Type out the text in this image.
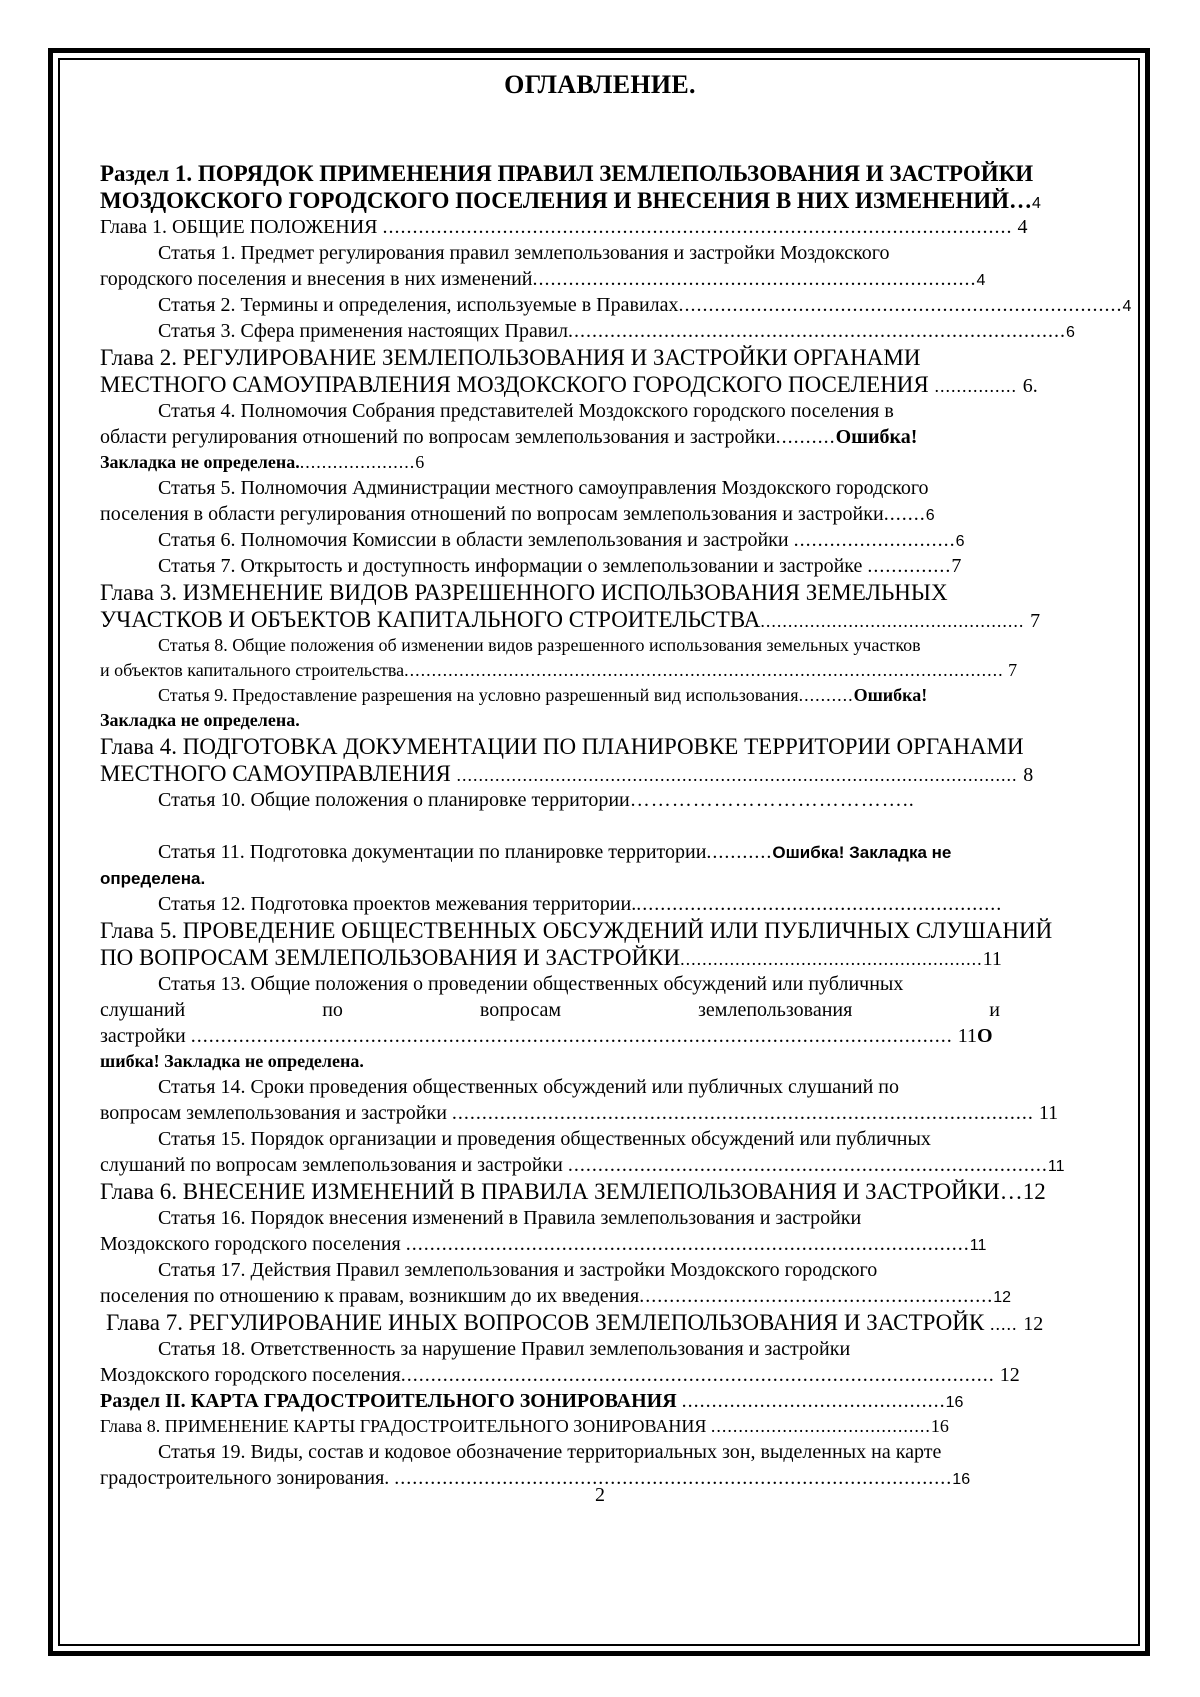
ОГЛАВЛЕНИЕ.
Раздел 1. ПОРЯДОК ПРИМЕНЕНИЯ ПРАВИЛ ЗЕМЛЕПОЛЬЗОВАНИЯ И ЗАСТРОЙКИ
МОЗДОКСКОГО ГОРОДСКОГО ПОСЕЛЕНИЯ И ВНЕСЕНИЯ В НИХ ИЗМЕНЕНИЙ…4
Глава 1. ОБЩИЕ ПОЛОЖЕНИЯ ......................................................................................................... 4
Статья 1. Предмет регулирования правил землепользования и застройки Моздокского
городского поселения и внесения в них изменений..........................................................................4
Статья 2. Термины и определения, используемые в Правилах..........................................................................4
Статья 3. Сфера применения настоящих Правил...................................................................................6
Глава 2. РЕГУЛИРОВАНИЕ ЗЕМЛЕПОЛЬЗОВАНИЯ И ЗАСТРОЙКИ ОРГАНАМИ
МЕСТНОГО САМОУПРАВЛЕНИЯ МОЗДОКСКОГО ГОРОДСКОГО ПОСЕЛЕНИЯ ............... 6.
Статья 4. Полномочия Собрания представителей Моздокского городского поселения в
области регулирования отношений по вопросам землепользования и застройки..........Ошибка!
Закладка не определена......................6
Статья 5. Полномочия Администрации местного самоуправления Моздокского городского
поселения в области регулирования отношений по вопросам землепользования и застройки.......6
Статья 6. Полномочия Комиссии в области землепользования и застройки ...........................6
Статья 7. Открытость и доступность информации о землепользовании и застройке ..............7
Глава 3. ИЗМЕНЕНИЕ ВИДОВ РАЗРЕШЕННОГО ИСПОЛЬЗОВАНИЯ ЗЕМЕЛЬНЫХ
УЧАСТКОВ И ОБЪЕКТОВ КАПИТАЛЬНОГО СТРОИТЕЛЬСТВА................................................ 7
Статья 8. Общие положения об изменении видов разрешенного использования земельных участков
и объектов капитального строительства............................................................................................................. 7
Статья 9. Предоставление разрешения на условно разрешенный вид использования..........Ошибка!
Закладка не определена.
Глава 4. ПОДГОТОВКА ДОКУМЕНТАЦИИ ПО ПЛАНИРОВКЕ ТЕРРИТОРИИ ОРГАНАМИ
МЕСТНОГО САМОУПРАВЛЕНИЯ ...................................................................................................... 8
Статья 10. Общие положения о планировке территории…………………………………..
Статья 11. Подготовка документации по планировке территории...........Ошибка! Закладка не
определена.
Статья 12. Подготовка проектов межевания территории..............................................................
Глава 5. ПРОВЕДЕНИЕ ОБЩЕСТВЕННЫХ ОБСУЖДЕНИЙ ИЛИ ПУБЛИЧНЫХ СЛУШАНИЙ
ПО ВОПРОСАМ ЗЕМЛЕПОЛЬЗОВАНИЯ И ЗАСТРОЙКИ.......................................................11
Статья 13. Общие положения о проведении общественных обсуждений или публичных
слушаний	по	вопросам	землепользования	и
застройки ............................................................................................................................... 11О
шибка! Закладка не определена.
Статья 14. Сроки проведения общественных обсуждений или публичных слушаний по
вопросам землепользования и застройки ................................................................................................. 11
Статья 15. Порядок организации и проведения общественных обсуждений или публичных
слушаний по вопросам землепользования и застройки ................................................................................11
Глава 6. ВНЕСЕНИЕ ИЗМЕНЕНИЙ В ПРАВИЛА ЗЕМЛЕПОЛЬЗОВАНИЯ И ЗАСТРОЙКИ…12
Статья 16. Порядок внесения изменений в Правила землепользования и застройки
Моздокского городского поселения ..............................................................................................11
Статья 17. Действия Правил землепользования и застройки Моздокского городского
поселения по отношению к правам, возникшим до их введения...........................................................12
Глава 7. РЕГУЛИРОВАНИЕ ИНЫХ ВОПРОСОВ ЗЕМЛЕПОЛЬЗОВАНИЯ И ЗАСТРОЙК ..... 12
Статья 18. Ответственность за нарушение Правил землепользования и застройки
Моздокского городского поселения................................................................................................... 12
Раздел II. КАРТА ГРАДОСТРОИТЕЛЬНОГО ЗОНИРОВАНИЯ ............................................16
Глава 8. ПРИМЕНЕНИЕ КАРТЫ ГРАДОСТРОИТЕЛЬНОГО ЗОНИРОВАНИЯ ........................................16
Статья 19. Виды, состав и кодовое обозначение территориальных зон, выделенных на карте
градостроительного зонирования. .............................................................................................16
2
